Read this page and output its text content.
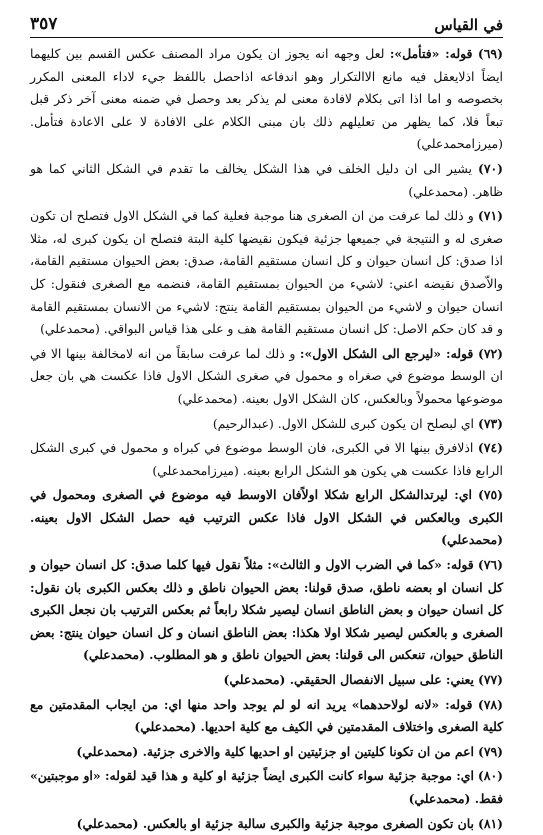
في القياس
٣٥٧

(٦٩) قوله: «فتأمل»: لعل وجهه انه يجوز ان يكون مراد المصنف عكس القسم بين كليهما ايضاً اذلايعقل فيه مانع الاالتكرار وهو اندفاعه اذاحصل باللفظ جيء لاداء المعنى المكرر بخصوصه و اما اذا اتى بكلام لافادة معنى لم يذكر بعد وحصل في ضمنه معنى آخر ذكر قبل تبعاً فلا، كما يظهر من تعليلهم ذلك بان مبنى الكلام على الافادة لا على الاعادة فتأمل. (ميرزامحمدعلي)

(٧٠) يشير الى ان دليل الخلف في هذا الشكل يخالف ما تقدم في الشكل الثاني كما هو ظاهر. (محمدعلي)

(٧١) و ذلك لما عرفت من ان الصغرى هنا موجبة فعلية كما في الشكل الاول فتصلح ان تكون صغرى له و النتيجة في جميعها جزئية فيكون نقيضها كلية البتة فتصلح ان يكون كبرى له، مثلا اذا صدق: كل انسان حيوان و كل انسان مستقيم القامة، صدق: بعض الحيوان مستقيم القامة، والاّصدق نقيضه اعني: لاشيء من الحيوان بمستقيم القامة، فنضمه مع الصغرى فنقول: كل انسان حيوان و لاشيء من الحيوان بمستقيم القامة ينتج: لاشيء من الانسان بمستقيم القامة و قد كان حكم الاصل: كل انسان مستقيم القامة هف و على هذا قياس البواقي. (محمدعلي)

(٧٢) قوله: «ليرجع الى الشكل الاول»: و ذلك لما عرفت سابقاً من انه لامخالفة بينها الا في ان الوسط موضوع في صغراه و محمول في صغرى الشكل الاول فاذا عكست هي بان جعل موضوعها محمولاً وبالعكس، كان الشكل الاول بعينه. (محمدعلي)

(٧٣) اي لبصلح ان يكون كبرى للشكل الاول. (عبدالرحيم)

(٧٤) اذلافرق بينها الا في الكبرى، فان الوسط موضوع في كبراه و محمول في كبرى الشكل الرابع فاذا عكست هي يكون هو الشكل الرابع بعينه. (ميرزامحمدعلي)

(٧٥) اي: ليرتدالشكل الرابع شكلا اولاًفان الاوسط فيه موضوع في الصغرى ومحمول في الكبرى وبالعكس في الشكل الاول فاذا عكس الترتيب فيه حصل الشكل الاول بعينه. (محمدعلي)

(٧٦) قوله: «كما في الضرب الاول و الثالث»: مثلاً نقول فيها كلما صدق: كل انسان حيوان و كل انسان او بعضه ناطق، صدق قولنا: بعض الحيوان ناطق و ذلك بعكس الكبرى بان نقول: كل انسان حيوان و بعض الناطق انسان ليصير شكلا رابعاً ثم بعكس الترتيب بان نجعل الكبرى الصغرى و بالعكس ليصير شكلا اولا هكذا: بعض الناطق انسان و كل انسان حيوان ينتج: بعض الناطق حيوان، تنعكس الى قولنا: بعض الحيوان ناطق و هو المطلوب. (محمدعلي)

(٧٧) يعني: على سبيل الانفصال الحقيقي. (محمدعلي)

(٧٨) قوله: «لانه لولاحدهما» يريد انه لو لم يوجد واحد منها اي: من ايجاب المقدمتين مع كلية الصغرى واختلاف المقدمتين في الكيف مع كلية احديها. (محمدعلي)

(٧٩) اعم من ان تكونا كليتين او جزئيتين او احديها كلية والاخرى جزئية. (محمدعلي)

(٨٠) اي: موجبة جزئية سواء كانت الكبرى ايضاً جزئية او كلية و هذا قيد لقوله: «او موجبتين» فقط. (محمدعلي)

(٨١) بان تكون الصغرى موجبة جزئية والكبرى سالبة جزئية او بالعكس. (محمدعلي)
